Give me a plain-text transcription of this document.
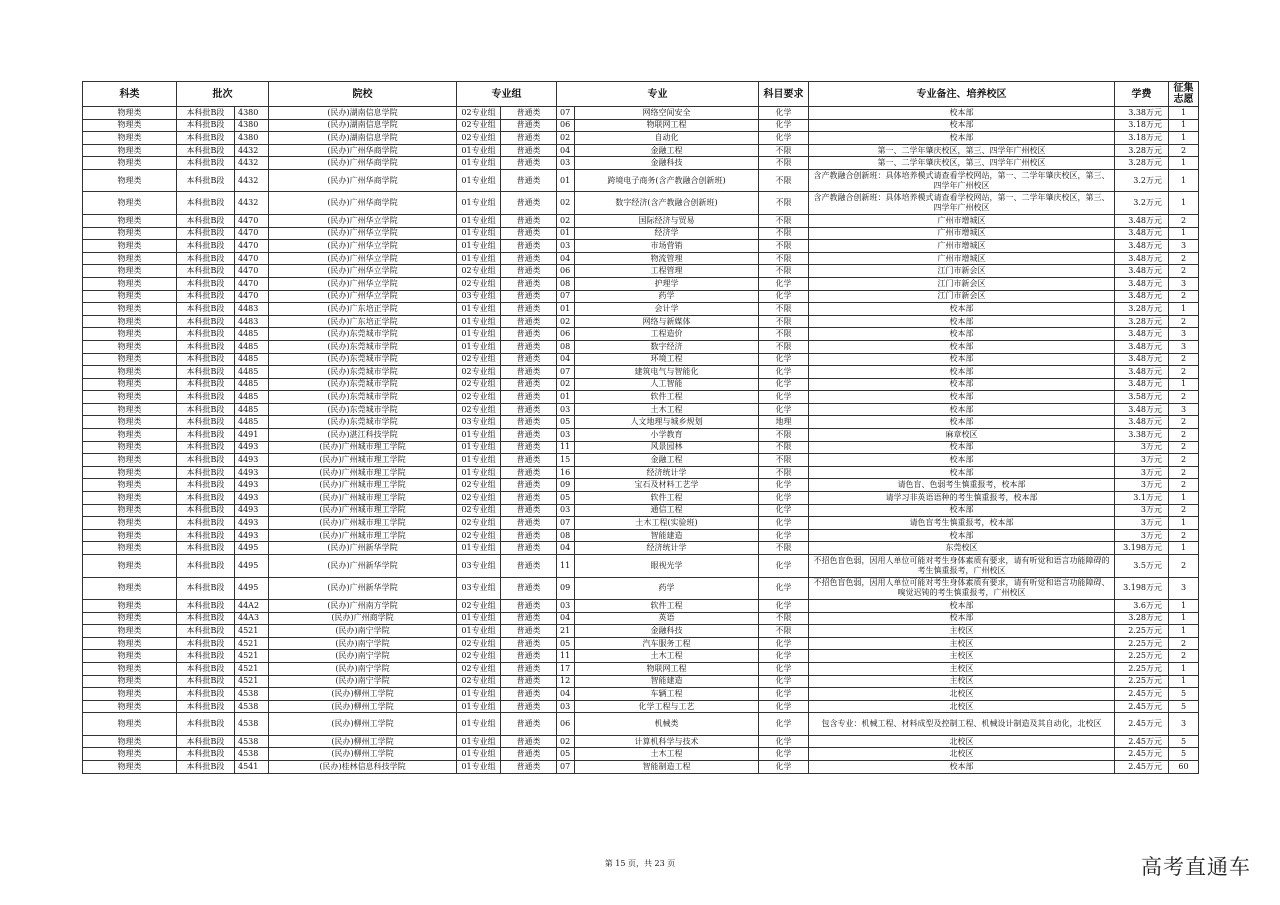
科类	批次		院校	专业组		专业		科目要求	专业备注、培养校区	学费	征集志愿
物理类	本科批B段	4380	(民办)湖南信息学院	02专业组	普通类	07	网络空间安全	化学	校本部	3.38万元	1
物理类	本科批B段	4380	(民办)湖南信息学院	02专业组	普通类	06	物联网工程	化学	校本部	3.18万元	1
物理类	本科批B段	4380	(民办)湖南信息学院	02专业组	普通类	02	自动化	化学	校本部	3.18万元	1
物理类	本科批B段	4432	(民办)广州华商学院	01专业组	普通类	04	金融工程	不限	第一、二学年肇庆校区，第三、四学年广州校区	3.28万元	2
物理类	本科批B段	4432	(民办)广州华商学院	01专业组	普通类	03	金融科技	不限	第一、二学年肇庆校区，第三、四学年广州校区	3.28万元	1
物理类	本科批B段	4432	(民办)广州华商学院	01专业组	普通类	01	跨境电子商务(含产教融合创新班)	不限	含产教融合创新班：具体培养模式请查看学校网站，第一、二学年肇庆校区，第三、四学年广州校区	3.2万元	1
物理类	本科批B段	4432	(民办)广州华商学院	01专业组	普通类	02	数字经济(含产教融合创新班)	不限	含产教融合创新班：具体培养模式请查看学校网站，第一、二学年肇庆校区，第三、四学年广州校区	3.2万元	1
物理类	本科批B段	4470	(民办)广州华立学院	01专业组	普通类	02	国际经济与贸易	不限	广州市增城区	3.48万元	2
物理类	本科批B段	4470	(民办)广州华立学院	01专业组	普通类	01	经济学	不限	广州市增城区	3.48万元	1
物理类	本科批B段	4470	(民办)广州华立学院	01专业组	普通类	03	市场营销	不限	广州市增城区	3.48万元	3
物理类	本科批B段	4470	(民办)广州华立学院	01专业组	普通类	04	物流管理	不限	广州市增城区	3.48万元	2
物理类	本科批B段	4470	(民办)广州华立学院	02专业组	普通类	06	工程管理	不限	江门市新会区	3.48万元	2
物理类	本科批B段	4470	(民办)广州华立学院	02专业组	普通类	08	护理学	化学	江门市新会区	3.48万元	3
物理类	本科批B段	4470	(民办)广州华立学院	03专业组	普通类	07	药学	化学	江门市新会区	3.48万元	2
物理类	本科批B段	4483	(民办)广东培正学院	01专业组	普通类	01	会计学	不限	校本部	3.28万元	1
物理类	本科批B段	4483	(民办)广东培正学院	01专业组	普通类	02	网络与新媒体	不限	校本部	3.28万元	2
物理类	本科批B段	4485	(民办)东莞城市学院	01专业组	普通类	06	工程造价	不限	校本部	3.48万元	3
物理类	本科批B段	4485	(民办)东莞城市学院	01专业组	普通类	08	数字经济	不限	校本部	3.48万元	3
物理类	本科批B段	4485	(民办)东莞城市学院	02专业组	普通类	04	环境工程	化学	校本部	3.48万元	2
物理类	本科批B段	4485	(民办)东莞城市学院	02专业组	普通类	07	建筑电气与智能化	化学	校本部	3.48万元	2
物理类	本科批B段	4485	(民办)东莞城市学院	02专业组	普通类	02	人工智能	化学	校本部	3.48万元	1
物理类	本科批B段	4485	(民办)东莞城市学院	02专业组	普通类	01	软件工程	化学	校本部	3.58万元	2
物理类	本科批B段	4485	(民办)东莞城市学院	02专业组	普通类	03	土木工程	化学	校本部	3.48万元	3
物理类	本科批B段	4485	(民办)东莞城市学院	03专业组	普通类	05	人文地理与城乡规划	地理	校本部	3.48万元	2
物理类	本科批B段	4491	(民办)湛江科技学院	01专业组	普通类	03	小学教育	不限	麻章校区	3.38万元	2
物理类	本科批B段	4493	(民办)广州城市理工学院	01专业组	普通类	11	风景园林	不限	校本部	3万元	2
物理类	本科批B段	4493	(民办)广州城市理工学院	01专业组	普通类	15	金融工程	不限	校本部	3万元	2
物理类	本科批B段	4493	(民办)广州城市理工学院	01专业组	普通类	16	经济统计学	不限	校本部	3万元	2
物理类	本科批B段	4493	(民办)广州城市理工学院	02专业组	普通类	09	宝石及材料工艺学	化学	请色盲、色弱考生慎重报考，校本部	3万元	2
物理类	本科批B段	4493	(民办)广州城市理工学院	02专业组	普通类	05	软件工程	化学	请学习非英语语种的考生慎重报考，校本部	3.1万元	1
物理类	本科批B段	4493	(民办)广州城市理工学院	02专业组	普通类	03	通信工程	化学	校本部	3万元	2
物理类	本科批B段	4493	(民办)广州城市理工学院	02专业组	普通类	07	土木工程(实验班)	化学	请色盲考生慎重报考，校本部	3万元	1
物理类	本科批B段	4493	(民办)广州城市理工学院	02专业组	普通类	08	智能建造	化学	校本部	3万元	2
物理类	本科批B段	4495	(民办)广州新华学院	01专业组	普通类	04	经济统计学	不限	东莞校区	3.198万元	1
物理类	本科批B段	4495	(民办)广州新华学院	03专业组	普通类	11	眼视光学	化学	不招色盲色弱，因用人单位可能对考生身体素质有要求，请有听觉和语言功能障碍的考生慎重报考，广州校区	3.5万元	2
物理类	本科批B段	4495	(民办)广州新华学院	03专业组	普通类	09	药学	化学	不招色盲色弱，因用人单位可能对考生身体素质有要求，请有听觉和语言功能障碍、嗅觉迟钝的考生慎重报考，广州校区	3.198万元	3
物理类	本科批B段	44A2	(民办)广州南方学院	02专业组	普通类	03	软件工程	化学	校本部	3.6万元	1
物理类	本科批B段	44A3	(民办)广州商学院	01专业组	普通类	04	英语	不限	校本部	3.28万元	1
物理类	本科批B段	4521	(民办)南宁学院	01专业组	普通类	21	金融科技	不限	主校区	2.25万元	1
物理类	本科批B段	4521	(民办)南宁学院	02专业组	普通类	05	汽车服务工程	化学	主校区	2.25万元	2
物理类	本科批B段	4521	(民办)南宁学院	02专业组	普通类	11	土木工程	化学	主校区	2.25万元	2
物理类	本科批B段	4521	(民办)南宁学院	02专业组	普通类	17	物联网工程	化学	主校区	2.25万元	1
物理类	本科批B段	4521	(民办)南宁学院	02专业组	普通类	12	智能建造	化学	主校区	2.25万元	1
物理类	本科批B段	4538	(民办)柳州工学院	01专业组	普通类	04	车辆工程	化学	北校区	2.45万元	5
物理类	本科批B段	4538	(民办)柳州工学院	01专业组	普通类	03	化学工程与工艺	化学	北校区	2.45万元	5
物理类	本科批B段	4538	(民办)柳州工学院	01专业组	普通类	06	机械类	化学	包含专业：机械工程、材料成型及控制工程、机械设计制造及其自动化，北校区	2.45万元	3
物理类	本科批B段	4538	(民办)柳州工学院	01专业组	普通类	02	计算机科学与技术	化学	北校区	2.45万元	5
物理类	本科批B段	4538	(民办)柳州工学院	01专业组	普通类	05	土木工程	化学	北校区	2.45万元	5
物理类	本科批B段	4541	(民办)桂林信息科技学院	01专业组	普通类	07	智能制造工程	化学	校本部	2.45万元	60
第 15 页，共 23 页	高考直通车
